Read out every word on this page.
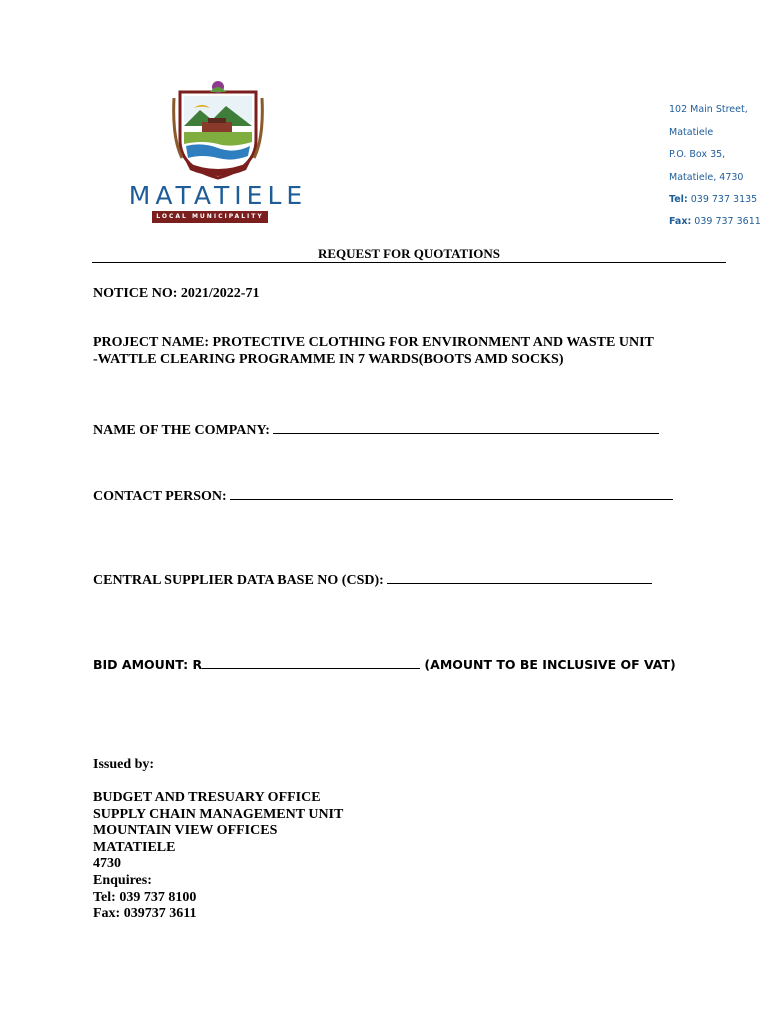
MATATIELE
LOCAL MUNICIPALITY
102 Main Street,
Matatiele
P.O. Box 35,
Matatiele, 4730
Tel: 039 737 3135
Fax: 039 737 3611
REQUEST FOR QUOTATIONS
NOTICE NO: 2021/2022-71
PROJECT NAME: PROTECTIVE CLOTHING FOR ENVIRONMENT AND WASTE UNIT
-WATTLE CLEARING PROGRAMME IN 7 WARDS(BOOTS AMD SOCKS)
NAME OF THE COMPANY:
CONTACT PERSON:
CENTRAL SUPPLIER DATA BASE NO (CSD):
BID AMOUNT: R	(AMOUNT TO BE INCLUSIVE OF VAT)
Issued by:
BUDGET AND TRESUARY OFFICE
SUPPLY CHAIN MANAGEMENT UNIT
MOUNTAIN VIEW OFFICES
MATATIELE
4730
Enquires:
Tel: 039 737 8100
Fax: 039737 3611
